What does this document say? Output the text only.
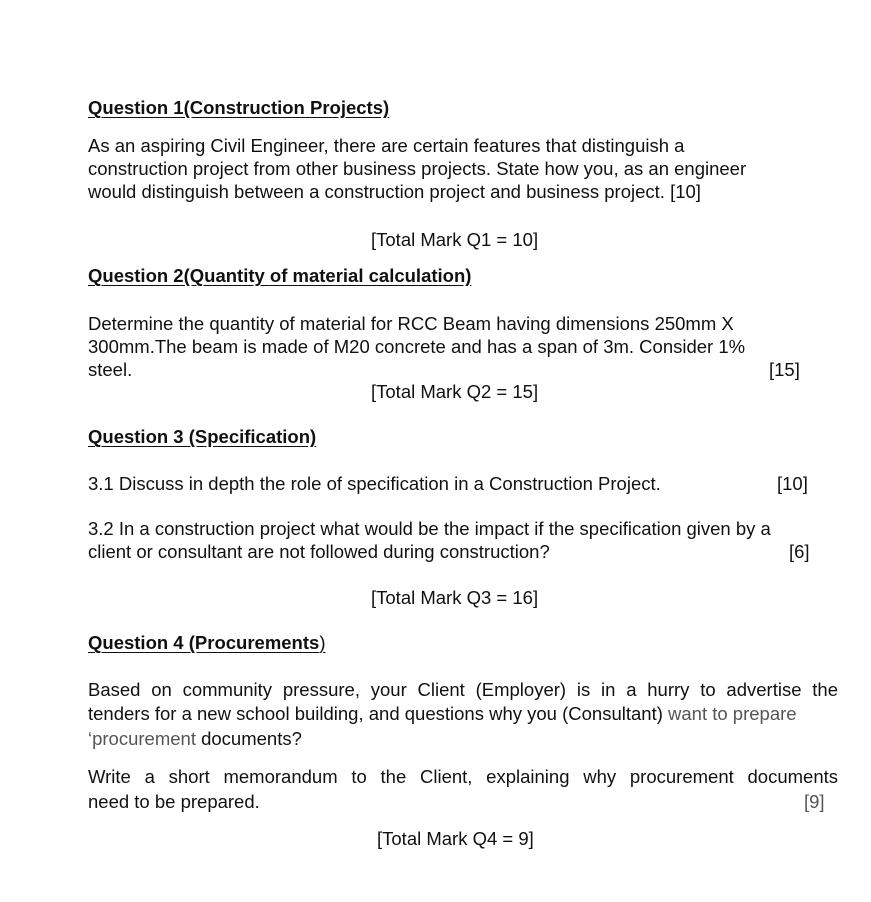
Question 1(Construction Projects)
As an aspiring Civil Engineer, there are certain features that distinguish a
construction project from other business projects. State how you, as an engineer
would distinguish between a construction project and business project. [10]
[Total Mark Q1 = 10]
Question 2(Quantity of material calculation)
Determine the quantity of material for RCC Beam having dimensions 250mm X
300mm.The beam is made of M20 concrete and has a span of 3m. Consider 1%
steel.	[15]
[Total Mark Q2 = 15]
Question 3 (Specification)
3.1 Discuss in depth the role of specification in a Construction Project.	[10]
3.2 In a construction project what would be the impact if the specification given by a
client or consultant are not followed during construction?	[6]
[Total Mark Q3 = 16]
Question 4 (Procurements)
Based on community pressure, your Client (Employer) is in a hurry to advertise the
tenders for a new school building, and questions why you (Consultant) want to prepare
‘procurement documents?
Write a short memorandum to the Client, explaining why procurement documents
need to be prepared.	[9]
[Total Mark Q4 = 9]
